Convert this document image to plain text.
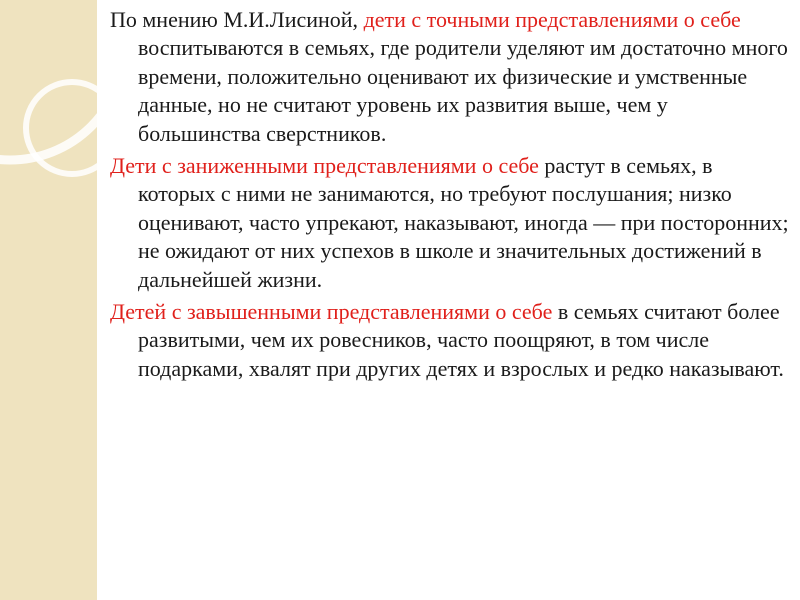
По мнению М.И.Лисиной, дети с точными представлениями о себе воспитываются в семьях, где родители уделяют им достаточно много времени, положительно оценивают их физические и умственные данные, но не считают уровень их развития выше, чем у большинства сверстников.

Дети с заниженными представлениями о себе растут в семьях, в которых с ними не занимаются, но требуют послушания; низко оценивают, часто упрекают, наказывают, иногда — при посторонних; не ожидают от них успехов в школе и значительных достижений в дальнейшей жизни.

Детей с завышенными представлениями о себе в семьях считают более развитыми, чем их ровесников, часто поощряют, в том числе подарками, хвалят при других детях и взрослых и редко наказывают.
